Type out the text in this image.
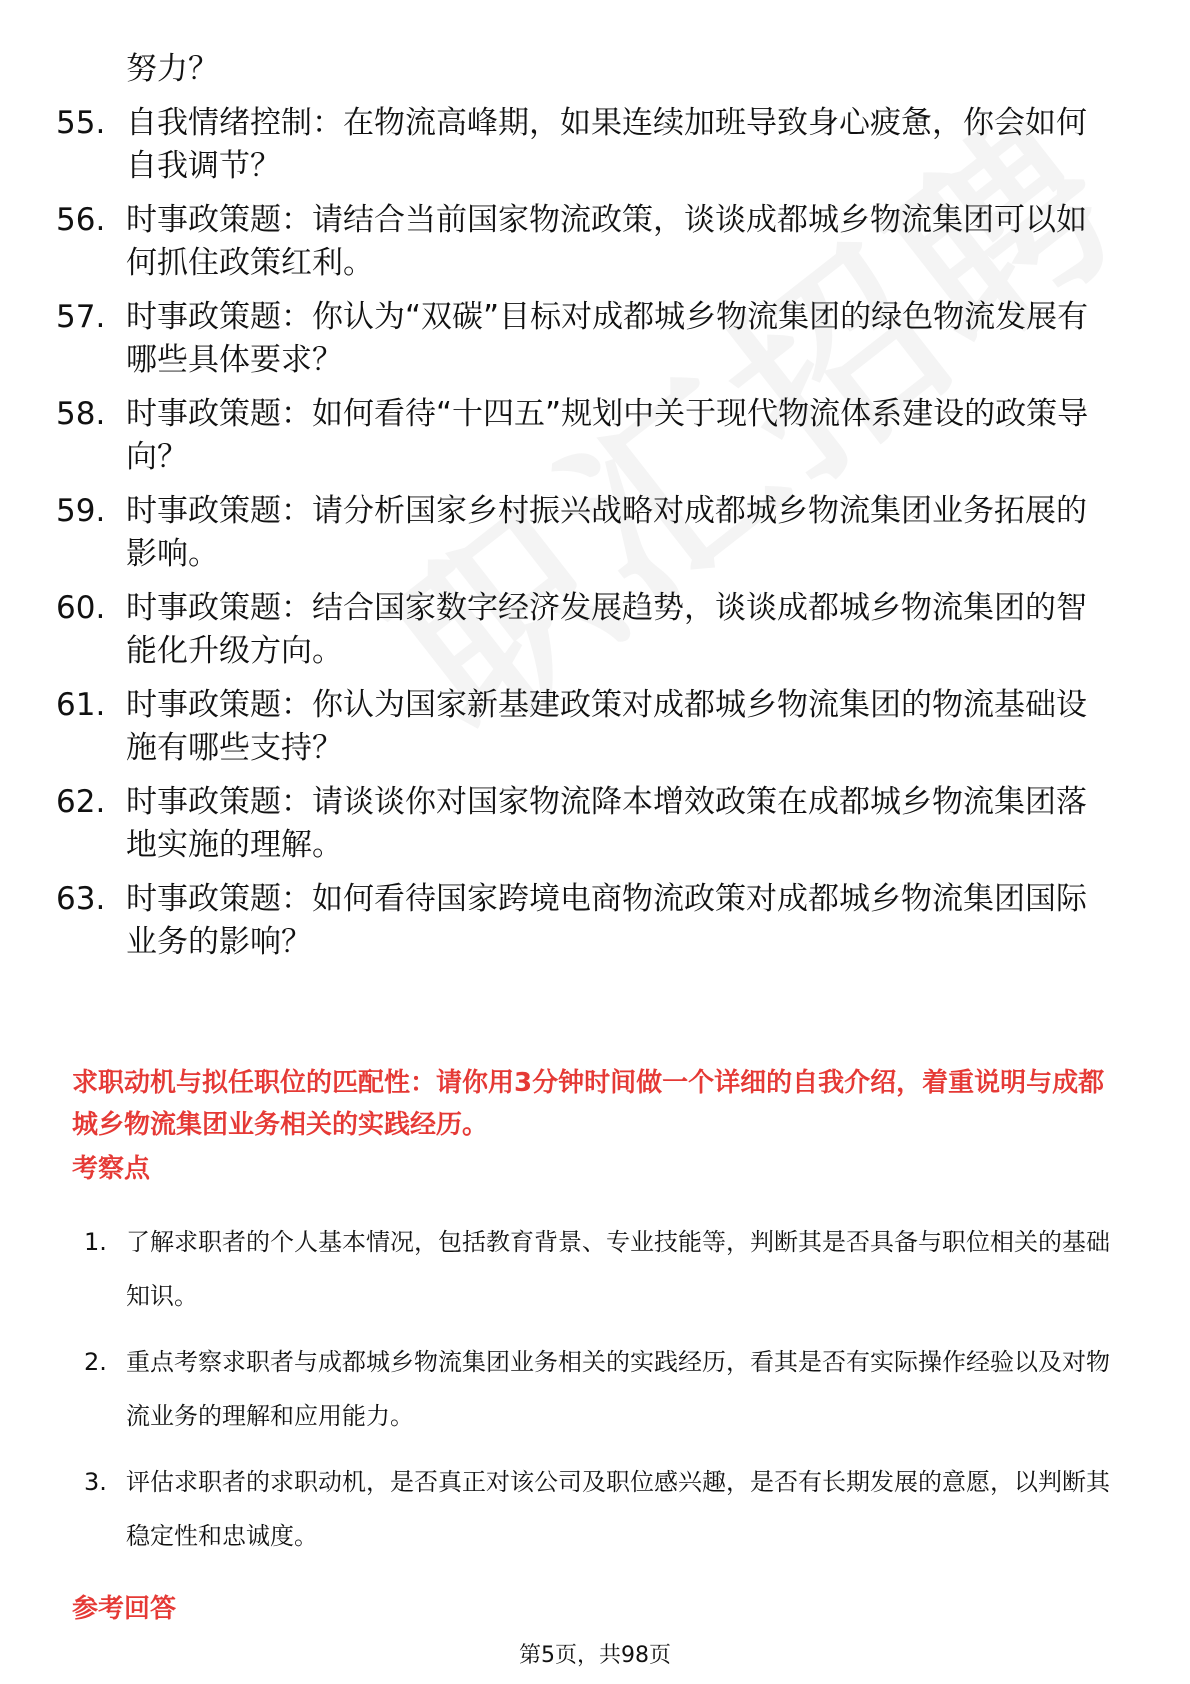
努力？
55. 自我情绪控制：在物流高峰期，如果连续加班导致身心疲惫，你会如何自我调节？
56. 时事政策题：请结合当前国家物流政策，谈谈成都城乡物流集团可以如何抓住政策红利。
57. 时事政策题：你认为“双碳”目标对成都城乡物流集团的绿色物流发展有哪些具体要求？
58. 时事政策题：如何看待“十四五”规划中关于现代物流体系建设的政策导向？
59. 时事政策题：请分析国家乡村振兴战略对成都城乡物流集团业务拓展的影响。
60. 时事政策题：结合国家数字经济发展趋势，谈谈成都城乡物流集团的智能化升级方向。
61. 时事政策题：你认为国家新基建政策对成都城乡物流集团的物流基础设施有哪些支持？
62. 时事政策题：请谈谈你对国家物流降本增效政策在成都城乡物流集团落地实施的理解。
63. 时事政策题：如何看待国家跨境电商物流政策对成都城乡物流集团国际业务的影响？
求职动机与拟任职位的匹配性：请你用3分钟时间做一个详细的自我介绍，着重说明与成都城乡物流集团业务相关的实践经历。
考察点
1. 了解求职者的个人基本情况，包括教育背景、专业技能等，判断其是否具备与职位相关的基础知识。
2. 重点考察求职者与成都城乡物流集团业务相关的实践经历，看其是否有实际操作经验以及对物流业务的理解和应用能力。
3. 评估求职者的求职动机，是否真正对该公司及职位感兴趣，是否有长期发展的意愿，以判断其稳定性和忠诚度。
参考回答
第5页，共98页
